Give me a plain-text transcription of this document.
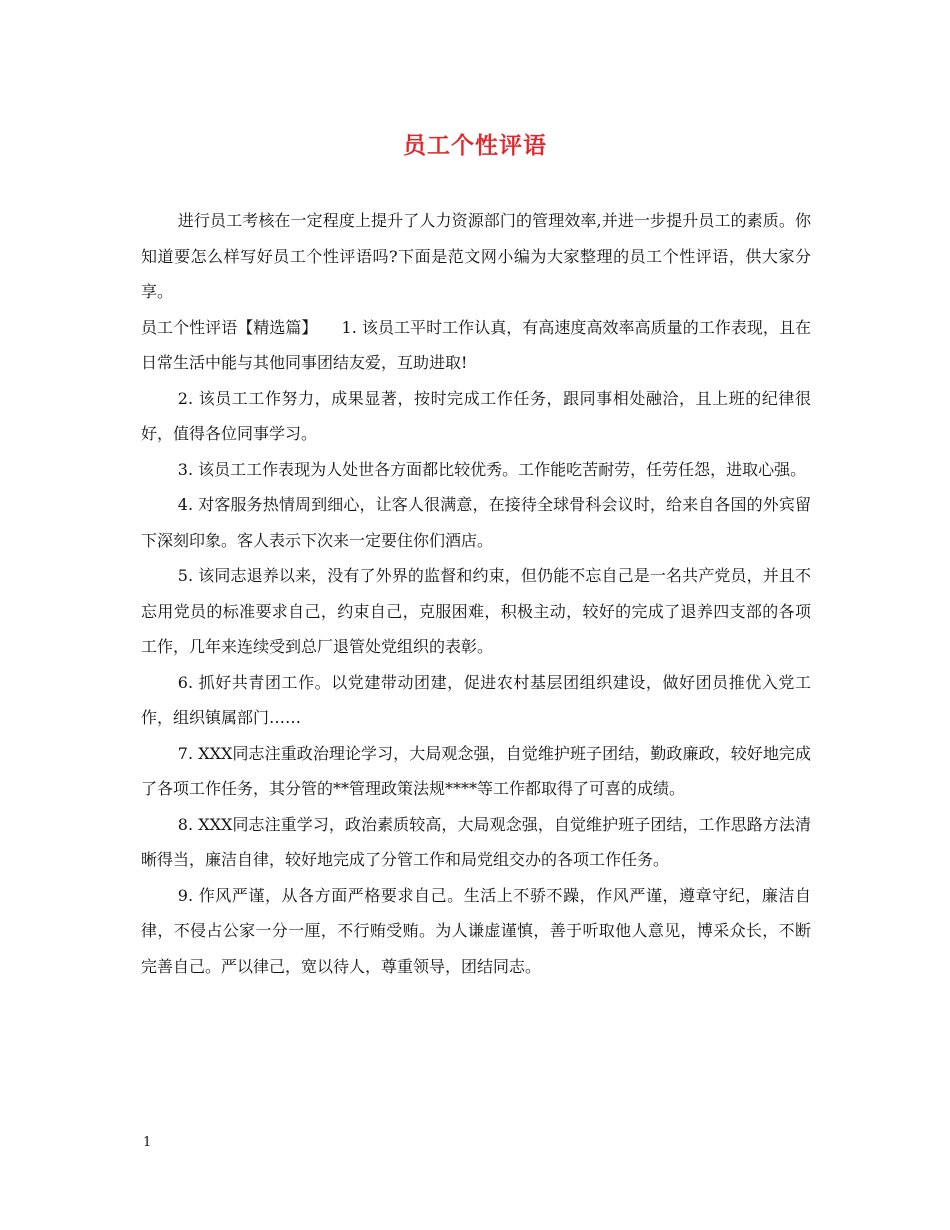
员工个性评语

进行员工考核在一定程度上提升了人力资源部门的管理效率,并进一步提升员工的素质。你知道要怎么样写好员工个性评语吗?下面是范文网小编为大家整理的员工个性评语，供大家分享。

员工个性评语【精选篇】　　1. 该员工平时工作认真，有高速度高效率高质量的工作表现，且在日常生活中能与其他同事团结友爱，互助进取!

2. 该员工工作努力，成果显著，按时完成工作任务，跟同事相处融洽，且上班的纪律很好，值得各位同事学习。

3. 该员工工作表现为人处世各方面都比较优秀。工作能吃苦耐劳，任劳任怨，进取心强。

4. 对客服务热情周到细心，让客人很满意，在接待全球骨科会议时，给来自各国的外宾留下深刻印象。客人表示下次来一定要住你们酒店。

5. 该同志退养以来，没有了外界的监督和约束，但仍能不忘自己是一名共产党员，并且不忘用党员的标准要求自己，约束自己，克服困难，积极主动，较好的完成了退养四支部的各项工作，几年来连续受到总厂退管处党组织的表彰。

6. 抓好共青团工作。以党建带动团建，促进农村基层团组织建设，做好团员推优入党工作，组织镇属部门……

7. XXX同志注重政治理论学习，大局观念强，自觉维护班子团结，勤政廉政，较好地完成了各项工作任务，其分管的**管理政策法规****等工作都取得了可喜的成绩。

8. XXX同志注重学习，政治素质较高，大局观念强，自觉维护班子团结，工作思路方法清晰得当，廉洁自律，较好地完成了分管工作和局党组交办的各项工作任务。

9. 作风严谨，从各方面严格要求自己。生活上不骄不躁，作风严谨，遵章守纪，廉洁自律，不侵占公家一分一厘，不行贿受贿。为人谦虚谨慎，善于听取他人意见，博采众长，不断完善自己。严以律己，宽以待人，尊重领导，团结同志。

1
